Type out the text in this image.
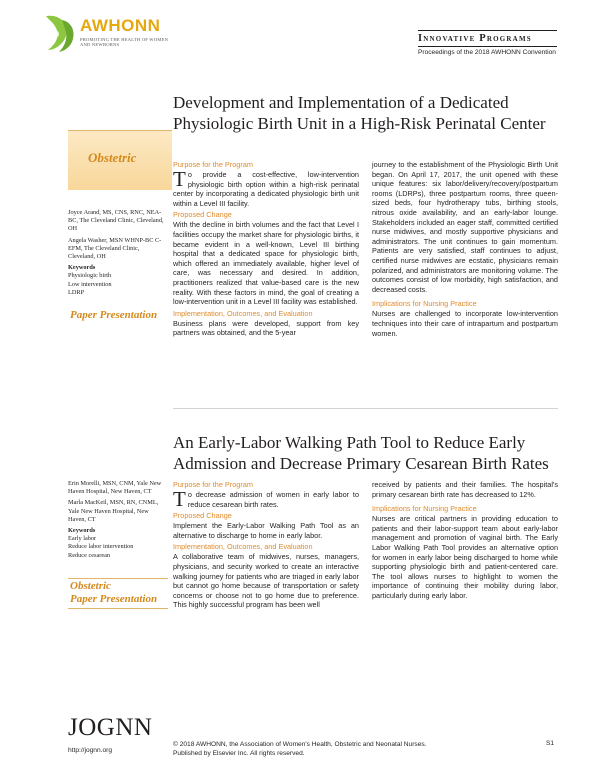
AWHONN
PROMOTING THE HEALTH OF WOMEN AND NEWBORNS
Innovative Programs
Proceedings of the 2018 AWHONN Convention
Development and Implementation of a Dedicated Physiologic Birth Unit in a High-Risk Perinatal Center
Obstetric

Joyce Arand, MS, CNS, RNC, NEA-BC, The Cleveland Clinic, Cleveland, OH

Angela Washer, MSN WHNP-BC C-EFM, The Cleveland Clinic, Cleveland, OH

Keywords
Physiologic birth
Low intervention
LDRP
Paper Presentation
Purpose for the Program

To provide a cost-effective, low-intervention physiologic birth option within a high-risk perinatal center by incorporating a dedicated physiologic birth unit within a Level III facility.

Proposed Change

With the decline in birth volumes and the fact that Level I facilities occupy the market share for physiologic births, it became evident in a well-known, Level III birthing hospital that a dedicated space for physiologic birth, which offered an immediately available, higher level of care, was necessary and desired. In addition, practitioners realized that value-based care is the new reality. With these factors in mind, the goal of creating a low-intervention unit in a Level III facility was established.

Implementation, Outcomes, and Evaluation

Business plans were developed, support from key partners was obtained, and the 5-year

journey to the establishment of the Physiologic Birth Unit began. On April 17, 2017, the unit opened with these unique features: six labor/delivery/recovery/postpartum rooms (LDRPs), three postpartum rooms, three queen-sized beds, four hydrotherapy tubs, birthing stools, nitrous oxide availability, and an early-labor lounge. Stakeholders included an eager staff, committed certified nurse midwives, and mostly supportive physicians and administrators. The unit continues to gain momentum. Patients are very satisfied, staff continues to adjust, certified nurse midwives are ecstatic, physicians remain polarized, and administrators are monitoring volume. The outcomes consist of low morbidity, high satisfaction, and decreased costs.

Implications for Nursing Practice

Nurses are challenged to incorporate low-intervention techniques into their care of intrapartum and postpartum women.

An Early-Labor Walking Path Tool to Reduce Early Admission and Decrease Primary Cesarean Birth Rates

Erin Morelli, MSN, CNM, Yale New Haven Hospital, New Haven, CT

Marla MacKeil, MSN, RN, CNML, Yale New Haven Hospital, New Haven, CT

Keywords
Early labor
Reduce labor intervention
Reduce cesarean
Obstetric
Paper Presentation
Purpose for the Program

To decrease admission of women in early labor to reduce cesarean birth rates.

Proposed Change

Implement the Early-Labor Walking Path Tool as an alternative to discharge to home in early labor.

Implementation, Outcomes, and Evaluation

A collaborative team of midwives, nurses, managers, physicians, and security worked to create an interactive walking journey for patients who are triaged in early labor but cannot go home because of transportation or safety concerns or choose not to go home due to preference. This highly successful program has been well

received by patients and their families. The hospital's primary cesarean birth rate has decreased to 12%.

Implications for Nursing Practice

Nurses are critical partners in providing education to patients and their labor-support team about early-labor management and promotion of vaginal birth. The Early Labor Walking Path Tool provides an alternative option for women in early labor being discharged to home while supporting physiologic birth and patient-centered care. The tool allows nurses to highlight to women the importance of continuing their mobility during labor, particularly during early labor.

JOGNN
http://jognn.org
© 2018 AWHONN, the Association of Women's Health, Obstetric and Neonatal Nurses.
Published by Elsevier Inc. All rights reserved.
S1
